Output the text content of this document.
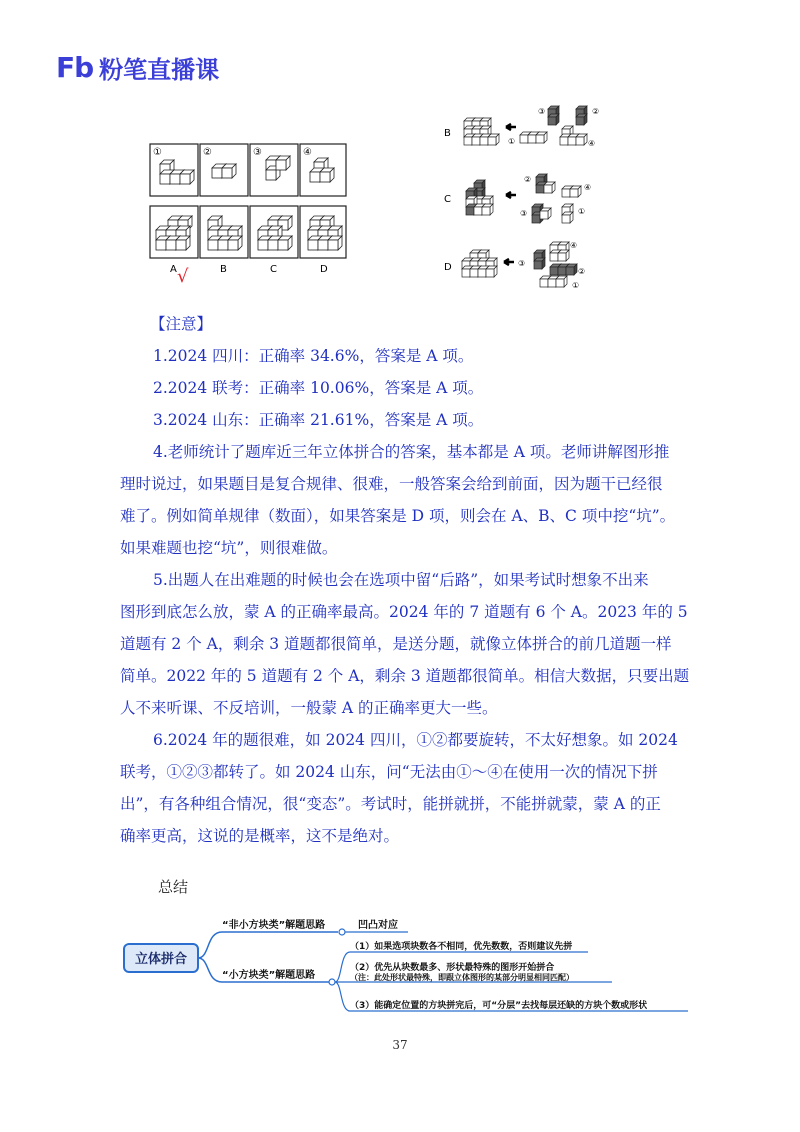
Fb 粉笔直播课
①	②	③	④
A	B	C	D
√
B
③	②
①	④
C
②
④
③	①
D	③
④
②
①
【注意】
1.2024 四川：正确率 34.6%，答案是 A 项。
2.2024 联考：正确率 10.06%，答案是 A 项。
3.2024 山东：正确率 21.61%，答案是 A 项。
4.老师统计了题库近三年立体拼合的答案，基本都是 A 项。老师讲解图形推
理时说过，如果题目是复合规律、很难，一般答案会给到前面，因为题干已经很
难了。例如简单规律（数面），如果答案是 D 项，则会在 A、B、C 项中挖“坑”。
如果难题也挖“坑”，则很难做。
5.出题人在出难题的时候也会在选项中留“后路”，如果考试时想象不出来
图形到底怎么放，蒙 A 的正确率最高。2024 年的 7 道题有 6 个 A。2023 年的 5
道题有 2 个 A，剩余 3 道题都很简单，是送分题，就像立体拼合的前几道题一样
简单。2022 年的 5 道题有 2 个 A，剩余 3 道题都很简单。相信大数据，只要出题
人不来听课、不反培训，一般蒙 A 的正确率更大一些。
6.2024 年的题很难，如 2024 四川，①②都要旋转，不太好想象。如 2024
联考，①②③都转了。如 2024 山东，问“无法由①～④在使用一次的情况下拼
出”，有各种组合情况，很“变态”。考试时，能拼就拼，不能拼就蒙，蒙 A 的正
确率更高，这说的是概率，这不是绝对。
总结
立体拼合
“非小方块类”解题思路	凹凸对应
“小方块类”解题思路
（1）如果选项块数各不相同，优先数数，否则建议先拼
（2）优先从块数最多、形状最特殊的图形开始拼合
（注：此处形状最特殊，即跟立体图形的某部分明显相同匹配）
（3）能确定位置的方块拼完后，可“分层”去找每层还缺的方块个数或形状
37
